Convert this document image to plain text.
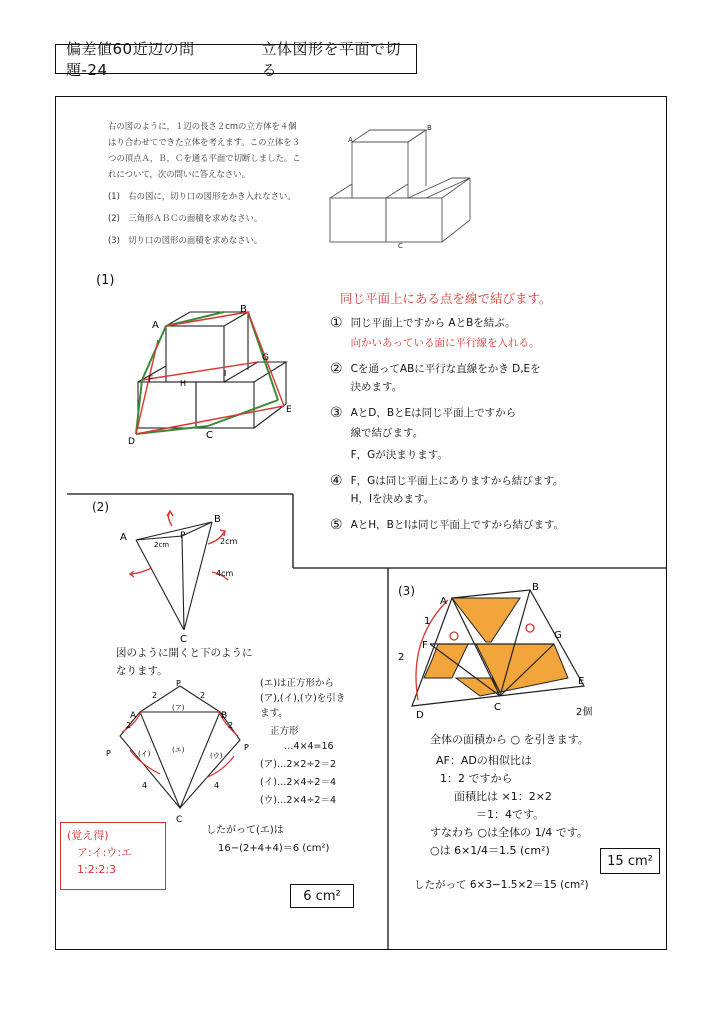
偏差値60近辺の問題-24
立体図形を平面で切る
右の図のように，１辺の長さ２cmの立方体を４個
はり合わせてできた立体を考えます。この立体を３
つの頂点Ａ，Ｂ，Ｃを通る平面で切断しました。こ
れについて，次の問いに答えなさい。
(1)　右の図に，切り口の図形をかき入れなさい。
(2)　三角形ＡＢＣの面積を求めなさい。
(3)　切り口の図形の面積を求めなさい。
A
B
C
(1)
A
B
F	H
I
G
D
C
E
同じ平面上にある点を線で結びます。
① 同じ平面上ですから AとBを結ぶ。
向かいあっている面に平行線を入れる。
② Cを通ってABに平行な直線をかき D,Eを
決めます。
③ AとD，BとEは同じ平面上ですから
線で結びます。
F，Gが決まります。
④ F，Gは同じ平面上にありますから結びます。
H，Iを決めます。
⑤ AとH，BとIは同じ平面上ですから結びます。
(2)
A
B
P
C
2cm	2cm
4cm
図のように開くと下のように
なります。
P
P
P
A	B
C
(ア)
(イ)	(エ)
(ウ)
2	2
2	2
4	4
(エ)は正方形から
(ア),(イ),(ウ)を引き
ます。
正方形
…4×4=16
(ア)…2×2÷2＝2
(イ)…2×4÷2＝4
(ウ)…2×4÷2＝4
したがって(エ)は
16−(2+4+4)＝6 (cm²)
6 cm²
(覚え得)
ア:イ:ウ:エ
1:2:2:3
(3)
A
B
G
F
E
D
C
1
2
2個
全体の面積から ○ を引きます。
AF：ADの相似比は
1：2 ですから
面積比は ×1：2×2
＝1：4です。
すなわち ○は全体の 1/4 です。
○は 6×1/4＝1.5 (cm²)
15 cm²
したがって 6×3−1.5×2＝15 (cm²)
